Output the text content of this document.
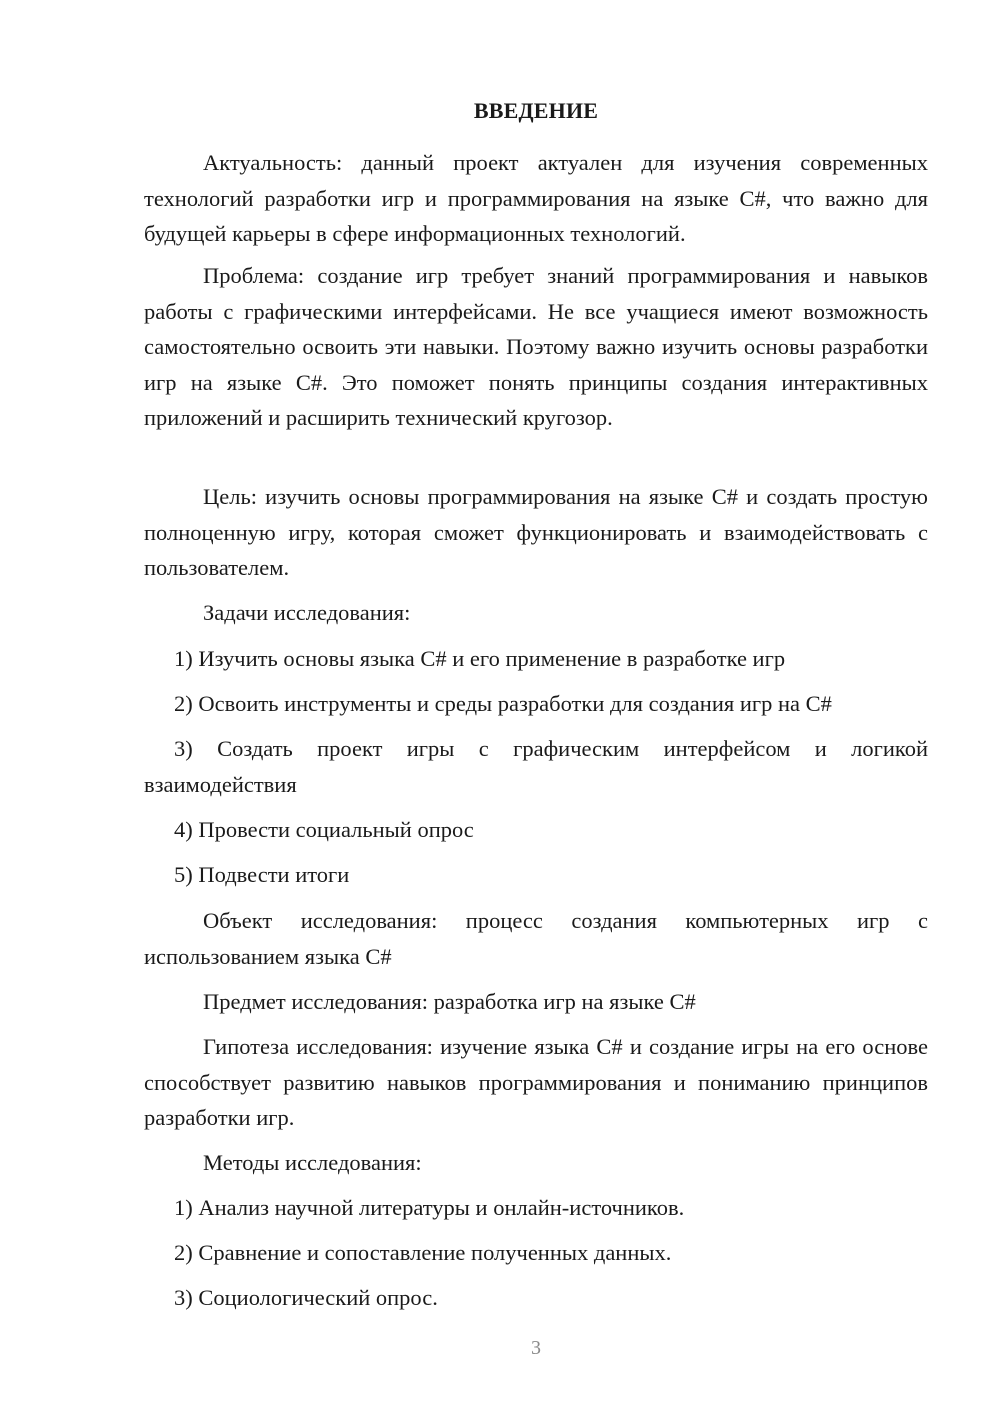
ВВЕДЕНИЕ
Актуальность: данный проект актуален для изучения современных технологий разработки игр и программирования на языке C#, что важно для будущей карьеры в сфере информационных технологий.
Проблема: создание игр требует знаний программирования и навыков работы с графическими интерфейсами. Не все учащиеся имеют возможность самостоятельно освоить эти навыки. Поэтому важно изучить основы разработки игр на языке C#. Это поможет понять принципы создания интерактивных приложений и расширить технический кругозор.
Цель: изучить основы программирования на языке C# и создать простую полноценную игру, которая сможет функционировать и взаимодействовать с пользователем.
Задачи исследования:
1) Изучить основы языка C# и его применение в разработке игр
2) Освоить инструменты и среды разработки для создания игр на C#
3) Создать проект игры с графическим интерфейсом и логикой взаимодействия
4) Провести социальный опрос
5) Подвести итоги
Объект исследования: процесс создания компьютерных игр с использованием языка C#
Предмет исследования: разработка игр на языке C#
Гипотеза исследования: изучение языка C# и создание игры на его основе способствует развитию навыков программирования и пониманию принципов разработки игр.
Методы исследования:
1) Анализ научной литературы и онлайн-источников.
2) Сравнение и сопоставление полученных данных.
3) Социологический опрос.
3
